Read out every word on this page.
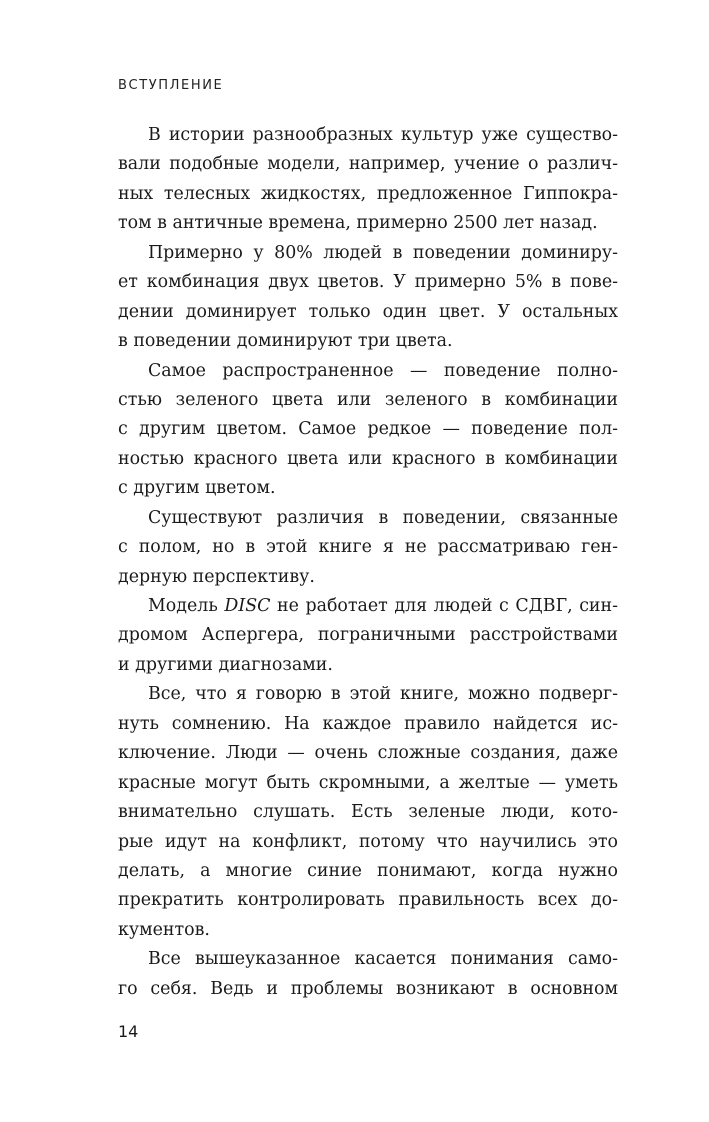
ВСТУПЛЕНИЕ
В истории разнообразных культур уже существо-
вали подобные модели, например, учение о различ-
ных телесных жидкостях, предложенное Гиппокра-
том в античные времена, примерно 2500 лет назад.
Примерно у 80% людей в поведении доминиру-
ет комбинация двух цветов. У примерно 5% в пове-
дении доминирует только один цвет. У остальных
в поведении доминируют три цвета.
Самое распространенное — поведение полно-
стью зеленого цвета или зеленого в комбинации
с другим цветом. Самое редкое — поведение пол-
ностью красного цвета или красного в комбинации
с другим цветом.
Существуют различия в поведении, связанные
с полом, но в этой книге я не рассматриваю ген-
дерную перспективу.
Модель DISC не работает для людей с СДВГ, син-
дромом Аспергера, пограничными расстройствами
и другими диагнозами.
Все, что я говорю в этой книге, можно подверг-
нуть сомнению. На каждое правило найдется ис-
ключение. Люди — очень сложные создания, даже
красные могут быть скромными, а желтые — уметь
внимательно слушать. Есть зеленые люди, кото-
рые идут на конфликт, потому что научились это
делать, а многие синие понимают, когда нужно
прекратить контролировать правильность всех до-
кументов.
Все вышеуказанное касается понимания само-
го себя. Ведь и проблемы возникают в основном
14
